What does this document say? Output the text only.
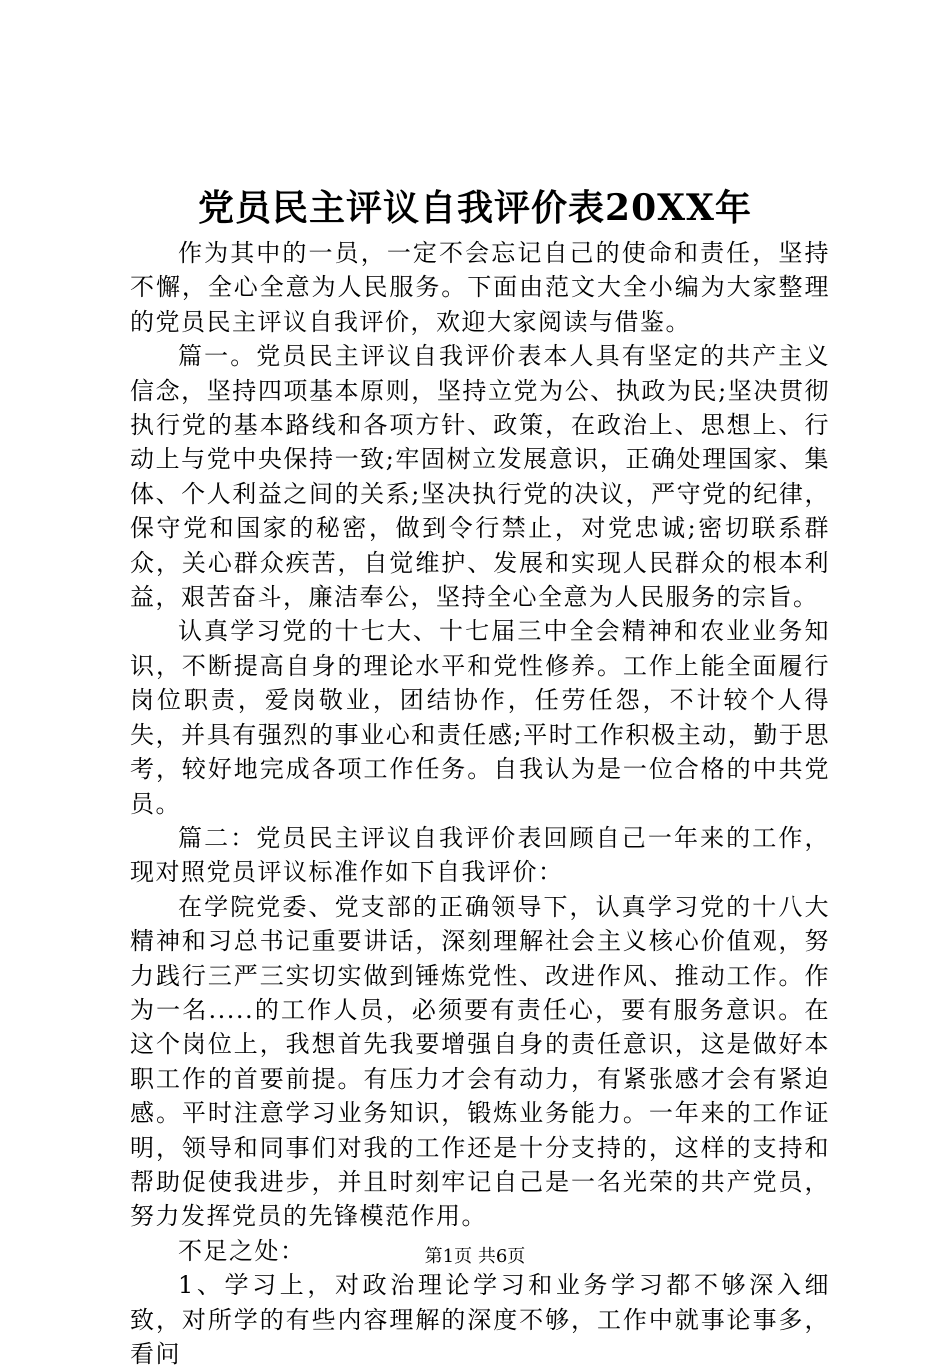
党员民主评议自我评价表20XX年

作为其中的一员，一定不会忘记自己的使命和责任，坚持不懈，全心全意为人民服务。下面由范文大全小编为大家整理的党员民主评议自我评价，欢迎大家阅读与借鉴。

篇一。党员民主评议自我评价表本人具有坚定的共产主义信念，坚持四项基本原则，坚持立党为公、执政为民;坚决贯彻执行党的基本路线和各项方针、政策，在政治上、思想上、行动上与党中央保持一致;牢固树立发展意识，正确处理国家、集体、个人利益之间的关系;坚决执行党的决议，严守党的纪律，保守党和国家的秘密，做到令行禁止，对党忠诚;密切联系群众，关心群众疾苦，自觉维护、发展和实现人民群众的根本利益，艰苦奋斗，廉洁奉公，坚持全心全意为人民服务的宗旨。

认真学习党的十七大、十七届三中全会精神和农业业务知识，不断提高自身的理论水平和党性修养。工作上能全面履行岗位职责，爱岗敬业，团结协作，任劳任怨，不计较个人得失，并具有强烈的事业心和责任感;平时工作积极主动，勤于思考，较好地完成各项工作任务。自我认为是一位合格的中共党员。

篇二：党员民主评议自我评价表回顾自己一年来的工作，现对照党员评议标准作如下自我评价：

在学院党委、党支部的正确领导下，认真学习党的十八大精神和习总书记重要讲话，深刻理解社会主义核心价值观，努力践行三严三实切实做到锤炼党性、改进作风、推动工作。作为一名.....的工作人员，必须要有责任心，要有服务意识。在这个岗位上，我想首先我要增强自身的责任意识，这是做好本职工作的首要前提。有压力才会有动力，有紧张感才会有紧迫感。平时注意学习业务知识，锻炼业务能力。一年来的工作证明，领导和同事们对我的工作还是十分支持的，这样的支持和帮助促使我进步，并且时刻牢记自己是一名光荣的共产党员，努力发挥党员的先锋模范作用。

不足之处：

1、学习上，对政治理论学习和业务学习都不够深入细致，对所学的有些内容理解的深度不够，工作中就事论事多，看问

第1页 共6页
